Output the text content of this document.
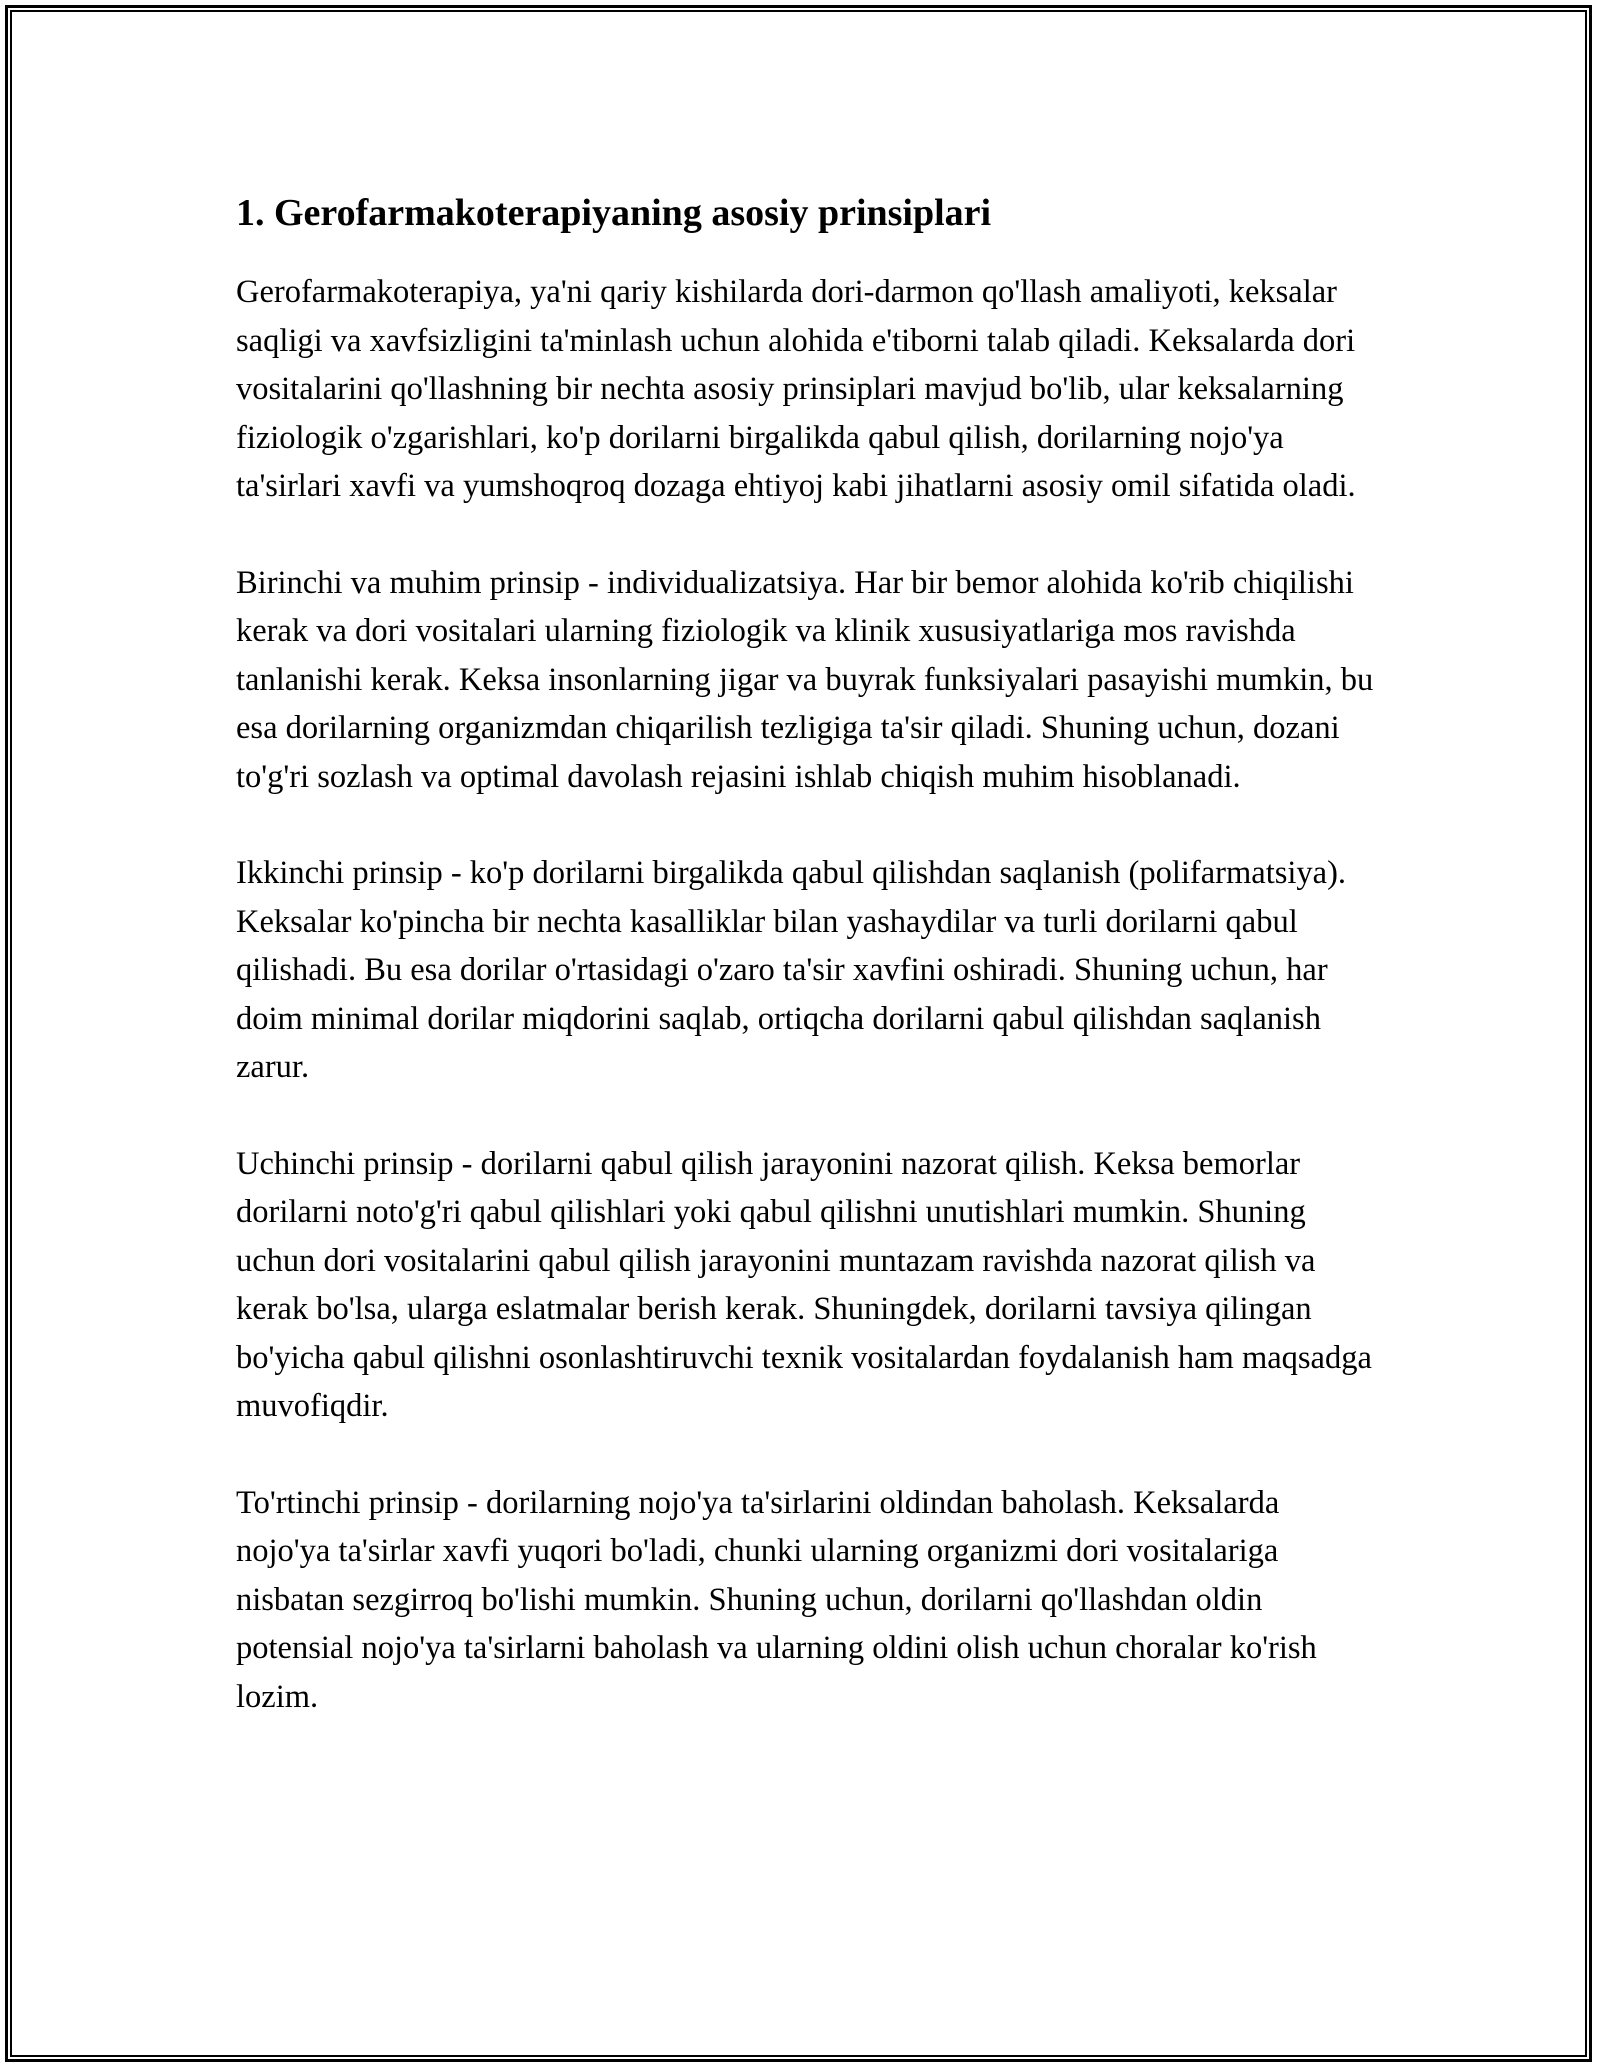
1. Gerofarmakoterapiyaning asosiy prinsiplari

Gerofarmakoterapiya, ya'ni qariy kishilarda dori-darmon qo'llash amaliyoti, keksalar saqligi va xavfsizligini ta'minlash uchun alohida e'tiborni talab qiladi. Keksalarda dori vositalarini qo'llashning bir nechta asosiy prinsiplari mavjud bo'lib, ular keksalarning fiziologik o'zgarishlari, ko'p dorilarni birgalikda qabul qilish, dorilarning nojo'ya ta'sirlari xavfi va yumshoqroq dozaga ehtiyoj kabi jihatlarni asosiy omil sifatida oladi.

Birinchi va muhim prinsip - individualizatsiya. Har bir bemor alohida ko'rib chiqilishi kerak va dori vositalari ularning fiziologik va klinik xususiyatlariga mos ravishda tanlanishi kerak. Keksa insonlarning jigar va buyrak funksiyalari pasayishi mumkin, bu esa dorilarning organizmdan chiqarilish tezligiga ta'sir qiladi. Shuning uchun, dozani to'g'ri sozlash va optimal davolash rejasini ishlab chiqish muhim hisoblanadi.

Ikkinchi prinsip - ko'p dorilarni birgalikda qabul qilishdan saqlanish (polifarmatsiya). Keksalar ko'pincha bir nechta kasalliklar bilan yashaydilar va turli dorilarni qabul qilishadi. Bu esa dorilar o'rtasidagi o'zaro ta'sir xavfini oshiradi. Shuning uchun, har doim minimal dorilar miqdorini saqlab, ortiqcha dorilarni qabul qilishdan saqlanish zarur.

Uchinchi prinsip - dorilarni qabul qilish jarayonini nazorat qilish. Keksa bemorlar dorilarni noto'g'ri qabul qilishlari yoki qabul qilishni unutishlari mumkin. Shuning uchun dori vositalarini qabul qilish jarayonini muntazam ravishda nazorat qilish va kerak bo'lsa, ularga eslatmalar berish kerak. Shuningdek, dorilarni tavsiya qilingan bo'yicha qabul qilishni osonlashtiruvchi texnik vositalardan foydalanish ham maqsadga muvofiqdir.

To'rtinchi prinsip - dorilarning nojo'ya ta'sirlarini oldindan baholash. Keksalarda nojo'ya ta'sirlar xavfi yuqori bo'ladi, chunki ularning organizmi dori vositalariga nisbatan sezgirroq bo'lishi mumkin. Shuning uchun, dorilarni qo'llashdan oldin potensial nojo'ya ta'sirlarni baholash va ularning oldini olish uchun choralar ko'rish lozim.
